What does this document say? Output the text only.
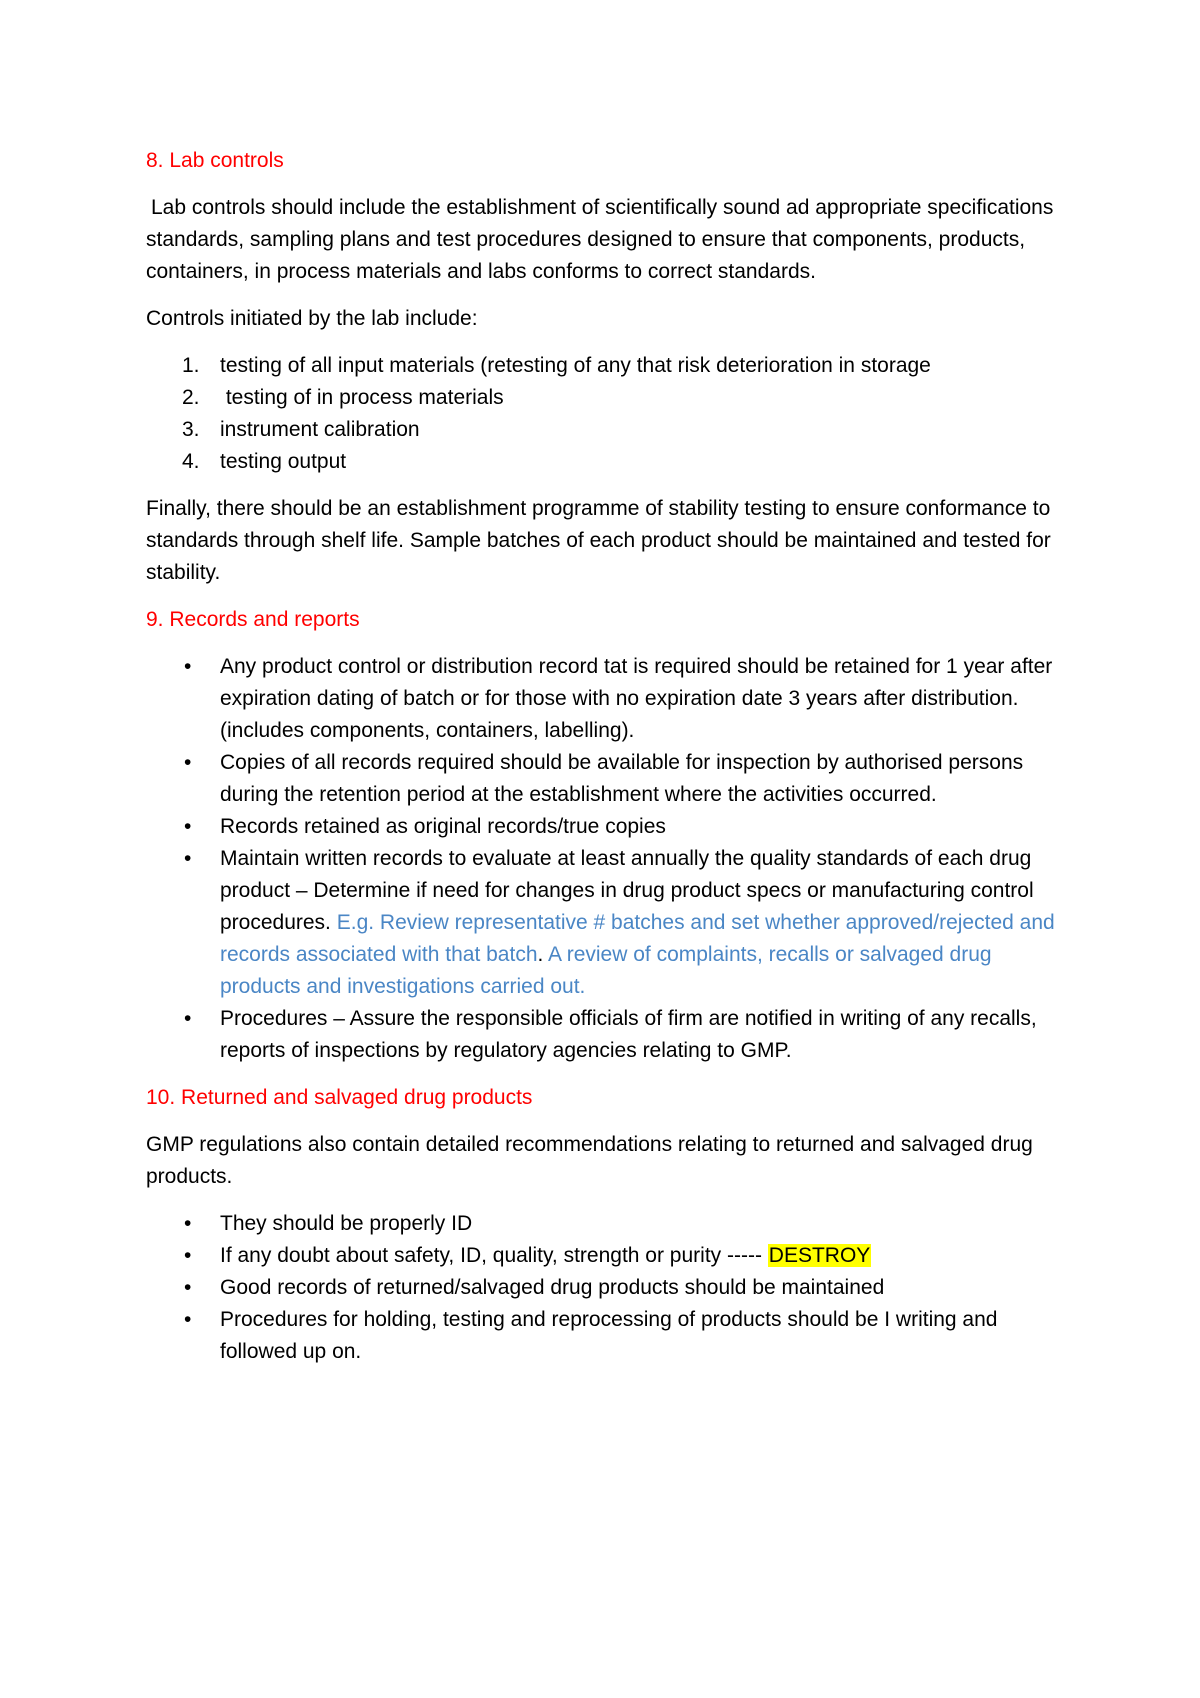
8. Lab controls

Lab controls should include the establishment of scientifically sound ad appropriate specifications standards, sampling plans and test procedures designed to ensure that components, products, containers, in process materials and labs conforms to correct standards.

Controls initiated by the lab include:

1. testing of all input materials (retesting of any that risk deterioration in storage
2. testing of in process materials
3. instrument calibration
4. testing output

Finally, there should be an establishment programme of stability testing to ensure conformance to standards through shelf life. Sample batches of each product should be maintained and tested for stability.

9. Records and reports
• Any product control or distribution record tat is required should be retained for 1 year after expiration dating of batch or for those with no expiration date 3 years after distribution. (includes components, containers, labelling).
• Copies of all records required should be available for inspection by authorised persons during the retention period at the establishment where the activities occurred.
• Records retained as original records/true copies
• Maintain written records to evaluate at least annually the quality standards of each drug product – Determine if need for changes in drug product specs or manufacturing control procedures. E.g. Review representative # batches and set whether approved/rejected and records associated with that batch. A review of complaints, recalls or salvaged drug products and investigations carried out.
• Procedures – Assure the responsible officials of firm are notified in writing of any recalls, reports of inspections by regulatory agencies relating to GMP.
10. Returned and salvaged drug products

GMP regulations also contain detailed recommendations relating to returned and salvaged drug products.

• They should be properly ID
• If any doubt about safety, ID, quality, strength or purity ----- DESTROY
• Good records of returned/salvaged drug products should be maintained
• Procedures for holding, testing and reprocessing of products should be I writing and followed up on.
